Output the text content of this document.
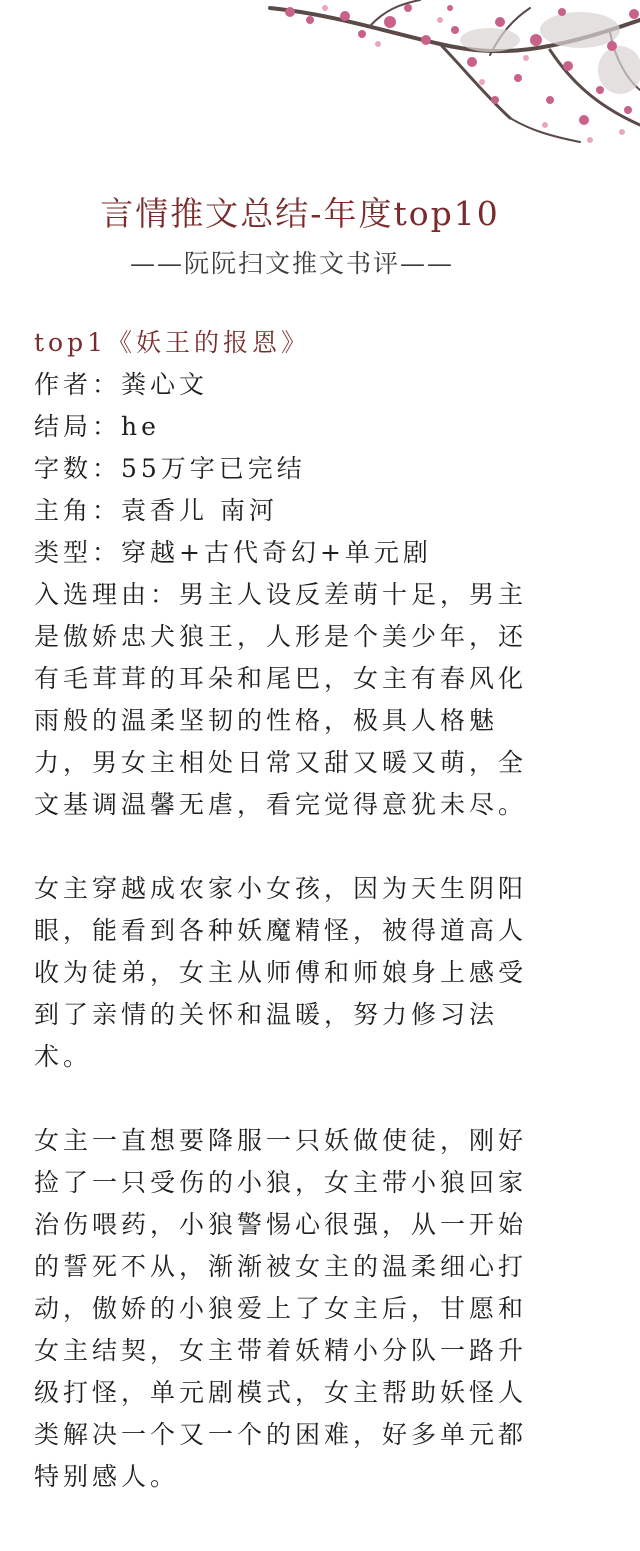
言情推文总结-年度top10
——阮阮扫文推文书评——
top1《妖王的报恩》
作者：粪心文
结局：he
字数：55万字已完结
主角：袁香儿 南河
类型：穿越+古代奇幻+单元剧
入选理由：男主人设反差萌十足，男主
是傲娇忠犬狼王，人形是个美少年，还
有毛茸茸的耳朵和尾巴，女主有春风化
雨般的温柔坚韧的性格，极具人格魅
力，男女主相处日常又甜又暖又萌，全
文基调温馨无虐，看完觉得意犹未尽。
女主穿越成农家小女孩，因为天生阴阳
眼，能看到各种妖魔精怪，被得道高人
收为徒弟，女主从师傅和师娘身上感受
到了亲情的关怀和温暖，努力修习法
术。
女主一直想要降服一只妖做使徒，刚好
捡了一只受伤的小狼，女主带小狼回家
治伤喂药，小狼警惕心很强，从一开始
的誓死不从，渐渐被女主的温柔细心打
动，傲娇的小狼爱上了女主后，甘愿和
女主结契，女主带着妖精小分队一路升
级打怪，单元剧模式，女主帮助妖怪人
类解决一个又一个的困难，好多单元都
特别感人。
